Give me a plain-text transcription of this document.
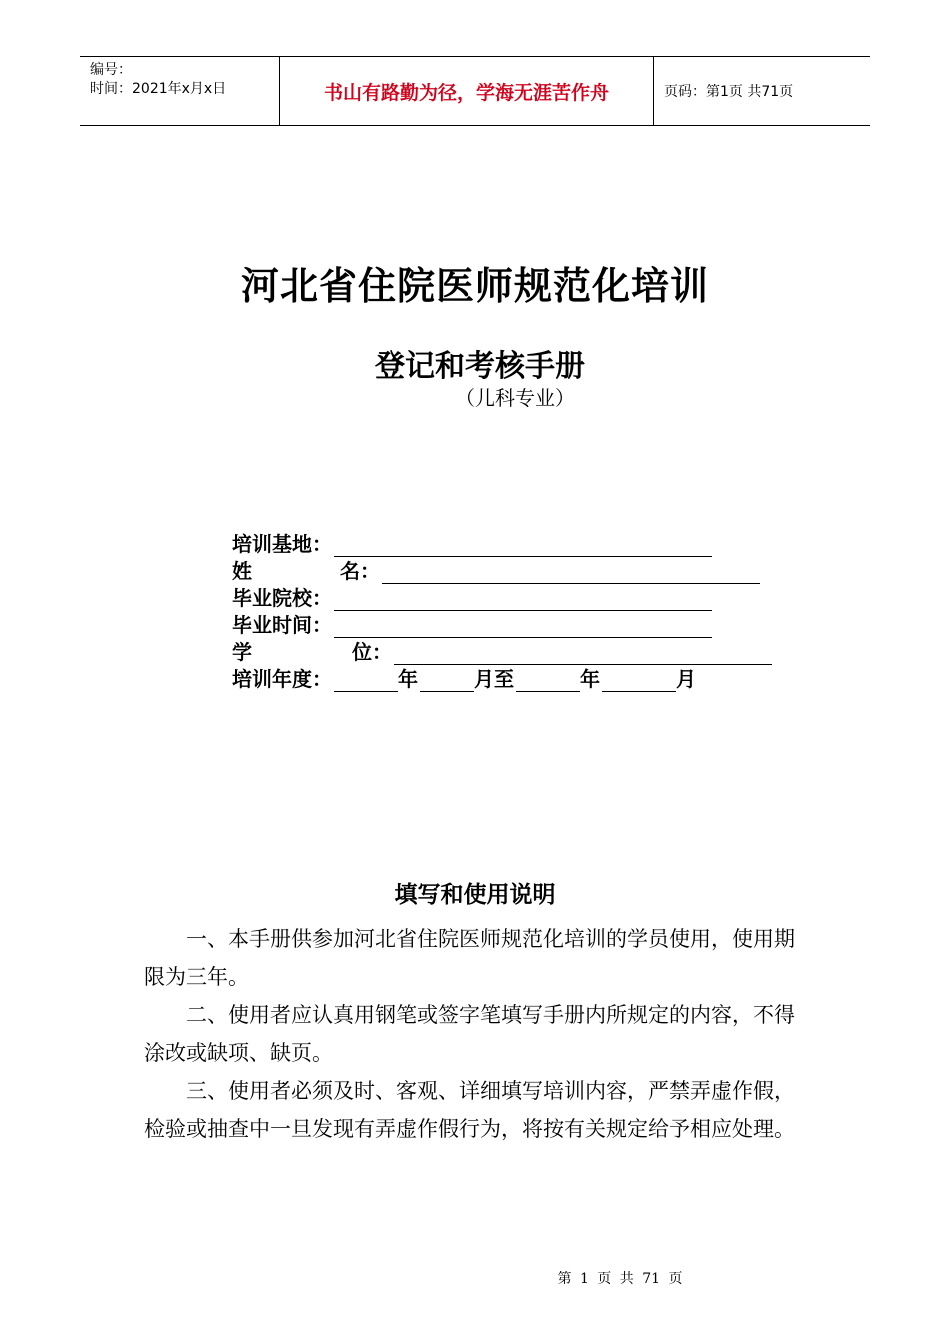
编号：
时间：2021年x月x日	书山有路勤为径，学海无涯苦作舟	页码：第1页 共71页
河北省住院医师规范化培训
登记和考核手册
（儿科专业）
培训基地：
姓	名：
毕业院校：
毕业时间：
学	位：
培训年度：	年	月至	年	月
填写和使用说明
一、本手册供参加河北省住院医师规范化培训的学员使用，使用期限为三年。
二、使用者应认真用钢笔或签字笔填写手册内所规定的内容，不得涂改或缺项、缺页。
三、使用者必须及时、客观、详细填写培训内容，严禁弄虚作假，检验或抽查中一旦发现有弄虚作假行为，将按有关规定给予相应处理。
第 1 页 共 71 页
